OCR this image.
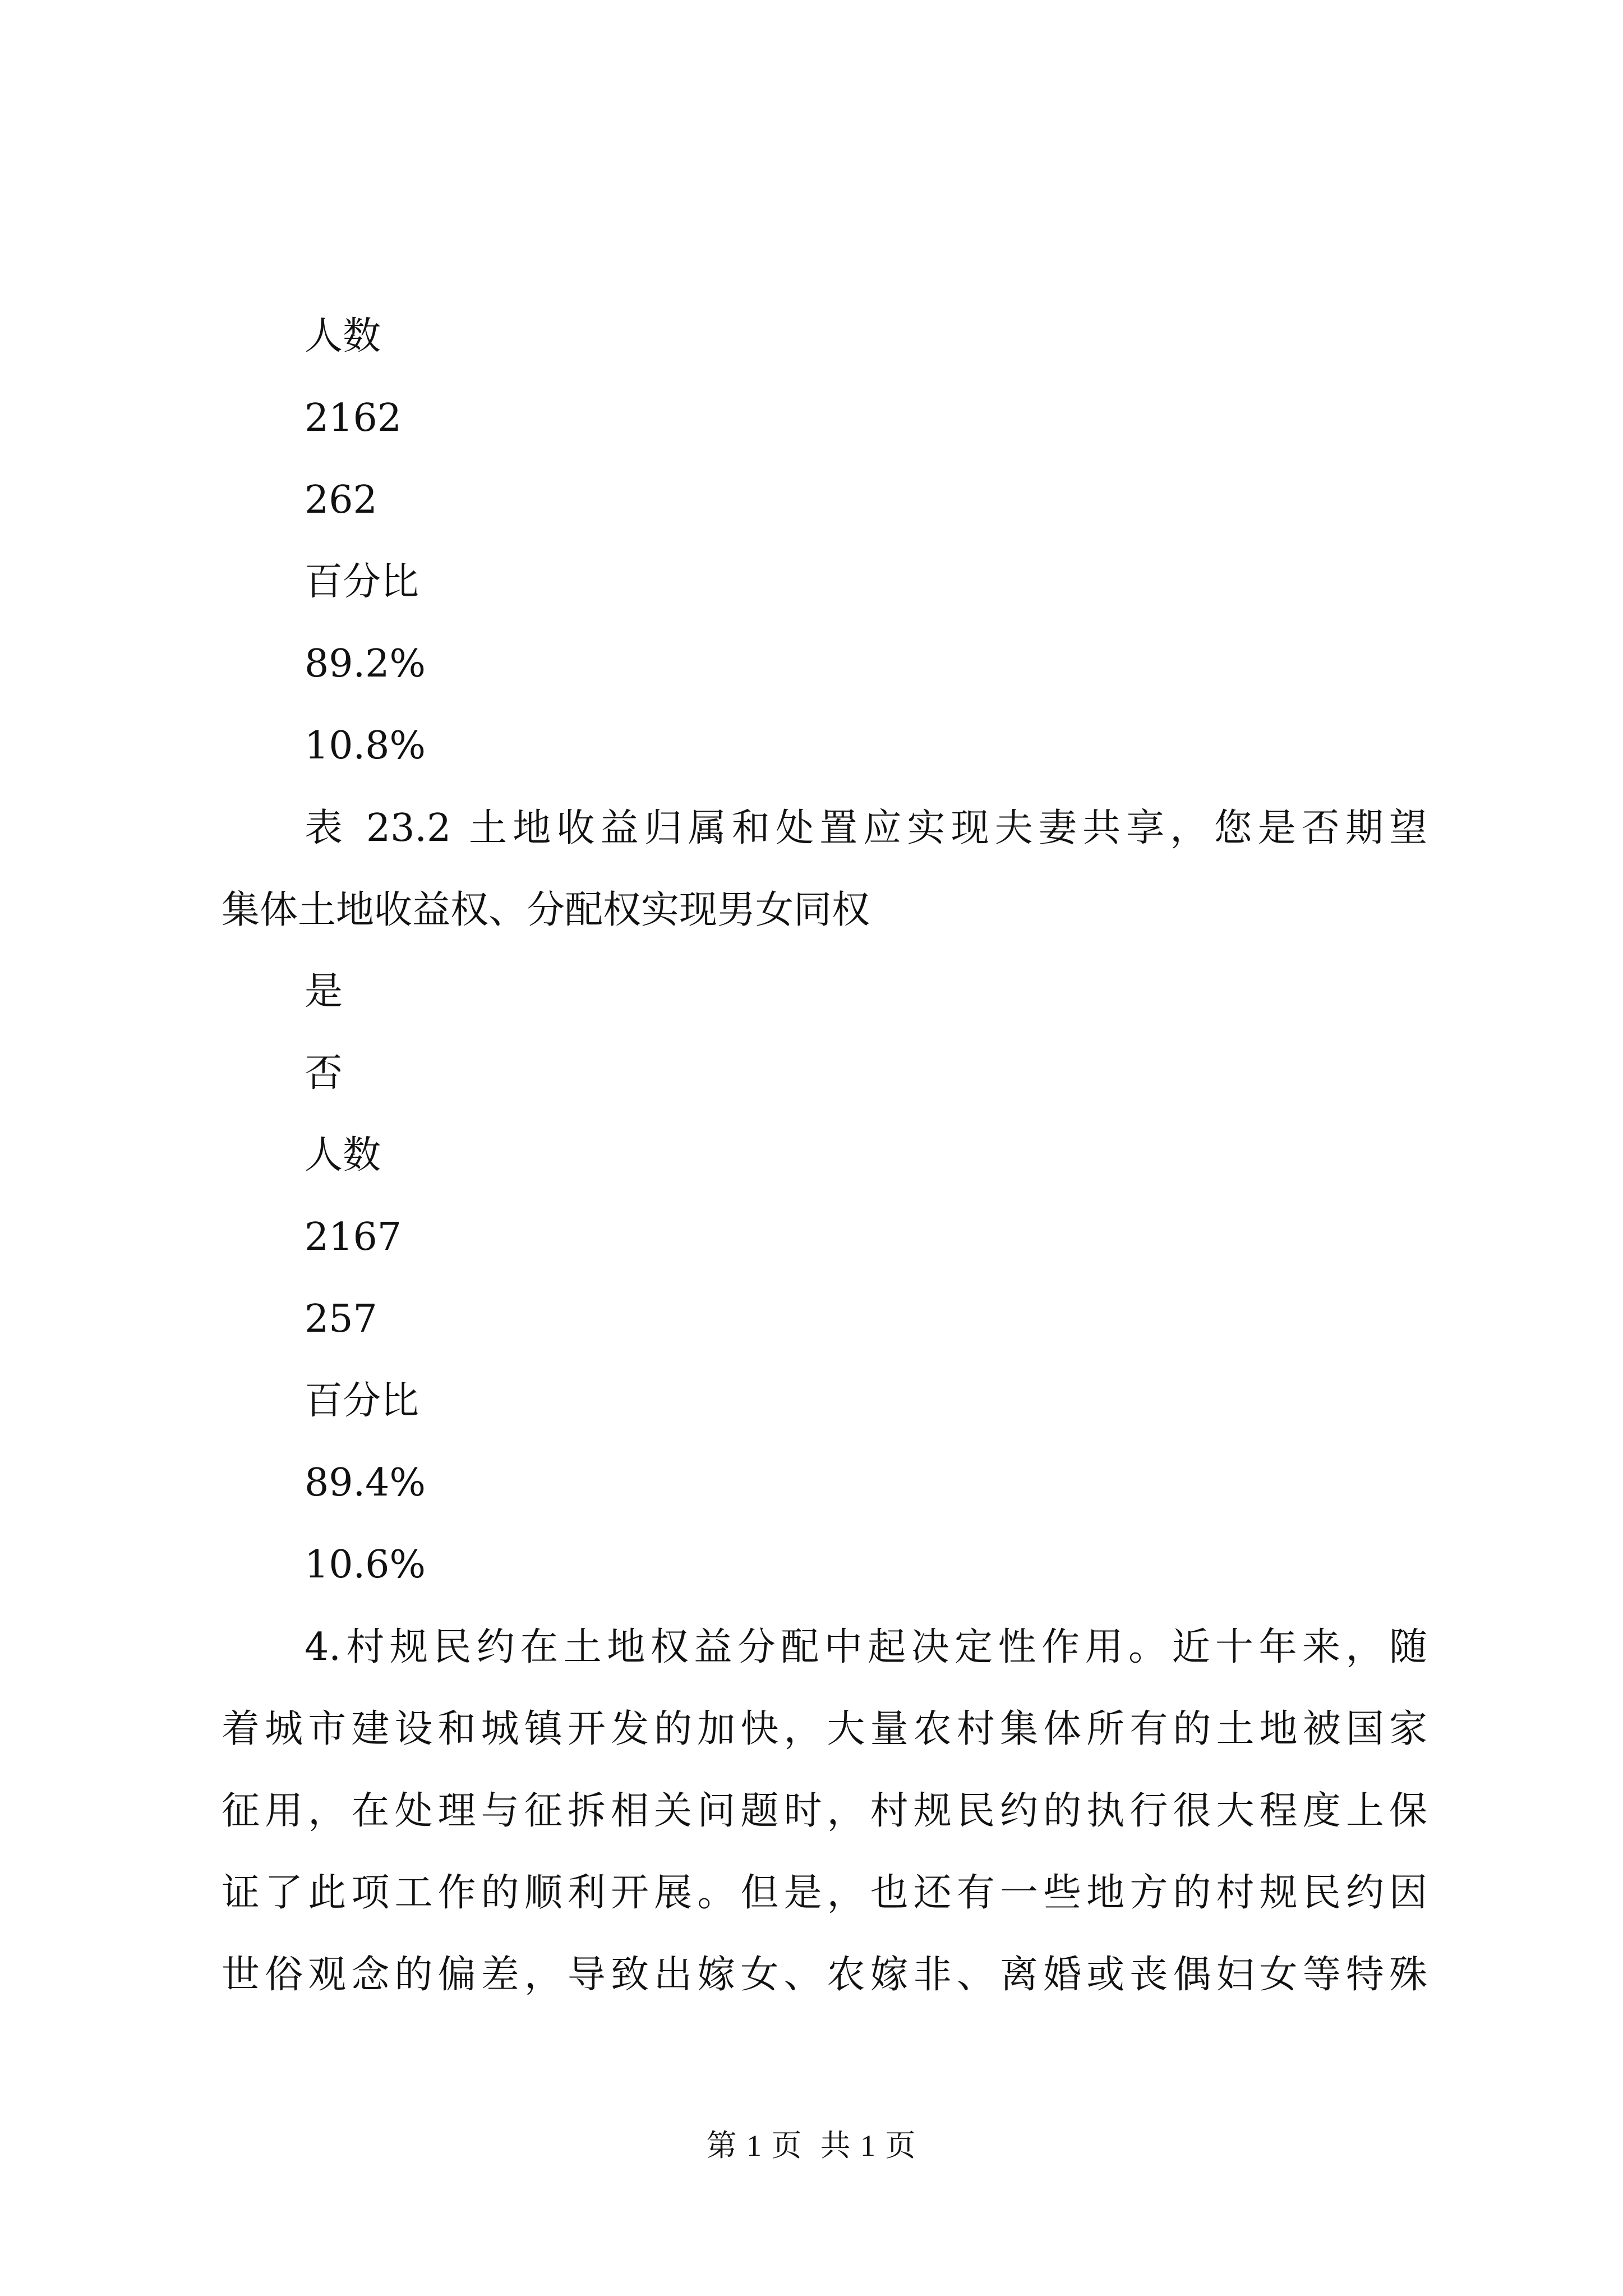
人数
2162
262
百分比
89.2%
10.8%
表 23.2 土地收益归属和处置应实现夫妻共享，您是否期望
集体土地收益权、分配权实现男女同权
是
否
人数
2167
257
百分比
89.4%
10.6%
4.村规民约在土地权益分配中起决定性作用。近十年来，随
着城市建设和城镇开发的加快，大量农村集体所有的土地被国家
征用，在处理与征拆相关问题时，村规民约的执行很大程度上保
证了此项工作的顺利开展。但是，也还有一些地方的村规民约因
世俗观念的偏差，导致出嫁女、农嫁非、离婚或丧偶妇女等特殊
第 1 页  共 1 页
